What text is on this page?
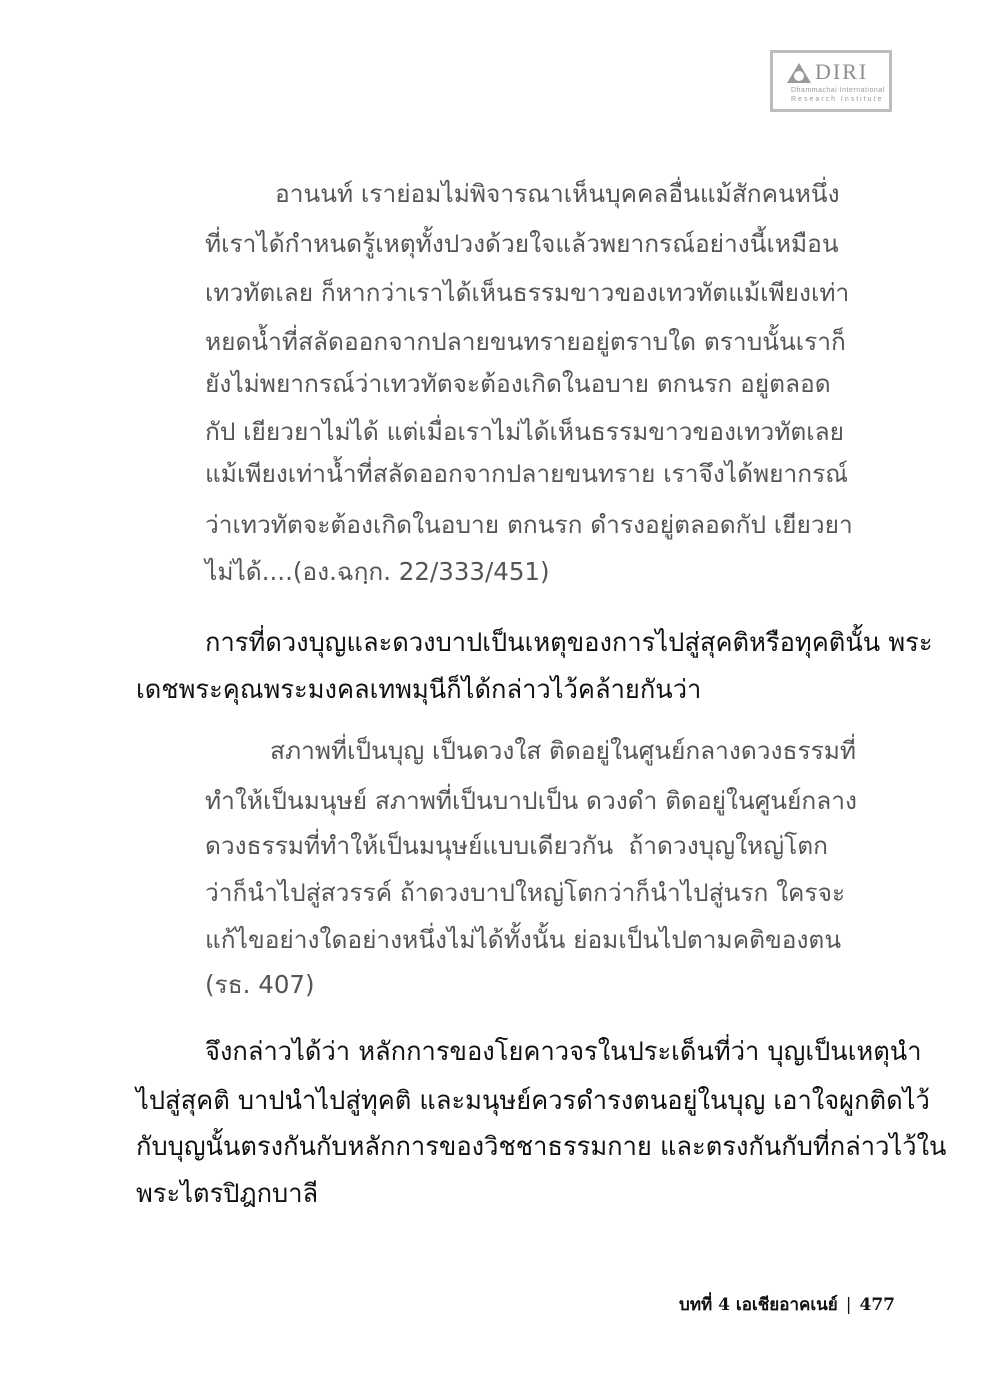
DIRI
Dhammachai International
Research Institute
อานนท์ เราย่อมไม่พิจารณาเห็นบุคคลอื่นแม้สักคนหนึ่ง
ที่เราได้กำหนดรู้เหตุทั้งปวงด้วยใจแล้วพยากรณ์อย่างนี้เหมือน
เทวทัตเลย ก็หากว่าเราได้เห็นธรรมขาวของเทวทัตแม้เพียงเท่า
หยดน้ำที่สลัดออกจากปลายขนทรายอยู่ตราบใด ตราบนั้นเราก็
ยังไม่พยากรณ์ว่าเทวทัตจะต้องเกิดในอบาย ตกนรก อยู่ตลอด
กัป เยียวยาไม่ได้ แต่เมื่อเราไม่ได้เห็นธรรมขาวของเทวทัตเลย
แม้เพียงเท่าน้ำที่สลัดออกจากปลายขนทราย เราจึงได้พยากรณ์
ว่าเทวทัตจะต้องเกิดในอบาย ตกนรก ดำรงอยู่ตลอดกัป เยียวยา
ไม่ได้....(อง.ฉกฺก. 22/333/451)
การที่ดวงบุญและดวงบาปเป็นเหตุของการไปสู่สุคติหรือทุคตินั้น พระ
เดชพระคุณพระมงคลเทพมุนีก็ได้กล่าวไว้คล้ายกันว่า
สภาพที่เป็นบุญ เป็นดวงใส ติดอยู่ในศูนย์กลางดวงธรรมที่
ทำให้เป็นมนุษย์ สภาพที่เป็นบาปเป็น ดวงดำ ติดอยู่ในศูนย์กลาง
ดวงธรรมที่ทำให้เป็นมนุษย์แบบเดียวกัน ถ้าดวงบุญใหญ่โตก
ว่าก็นำไปสู่สวรรค์ ถ้าดวงบาปใหญ่โตกว่าก็นำไปสู่นรก ใครจะ
แก้ไขอย่างใดอย่างหนึ่งไม่ได้ทั้งนั้น ย่อมเป็นไปตามคติของตน
(รธ. 407)
จึงกล่าวได้ว่า หลักการของโยคาวจรในประเด็นที่ว่า บุญเป็นเหตุนำ
ไปสู่สุคติ บาปนำไปสู่ทุคติ และมนุษย์ควรดำรงตนอยู่ในบุญ เอาใจผูกติดไว้
กับบุญนั้นตรงกันกับหลักการของวิชชาธรรมกาย และตรงกันกับที่กล่าวไว้ใน
พระไตรปิฎกบาลี
บทที่ 4 เอเชียอาคเนย์ | 477
